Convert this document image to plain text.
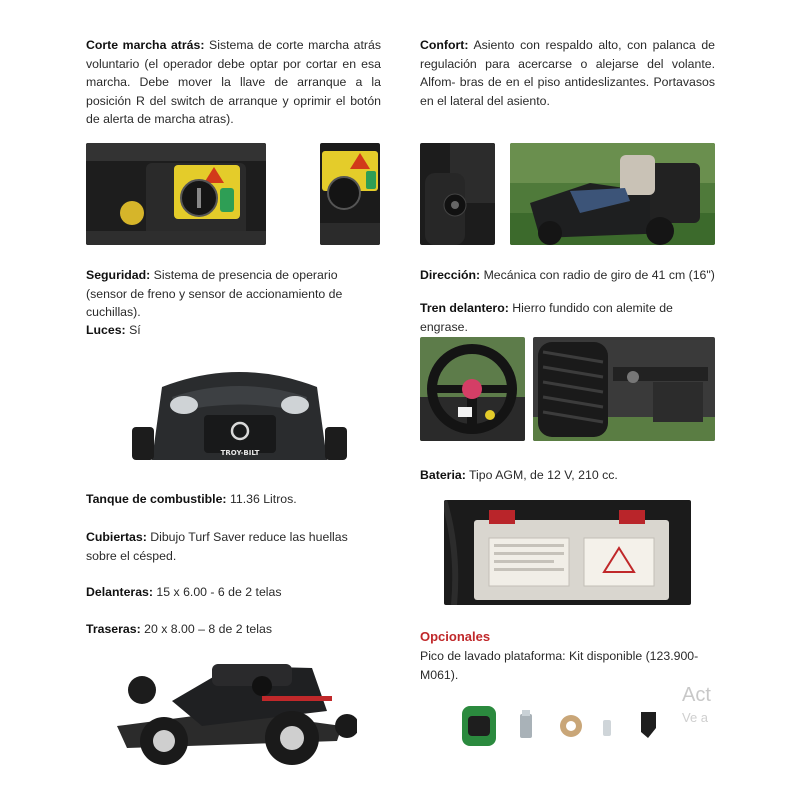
Corte marcha atrás: Sistema de corte marcha atrás voluntario (el operador debe optar por cortar en esa marcha. Debe mover la llave de arranque a la posición R del switch de arranque y oprimir el botón de alerta de marcha atras).
Seguridad: Sistema de presencia de operario (sensor de freno y sensor de accionamiento de cuchillas).
Luces: Sí
TROY-BILT
Tanque de combustible: 11.36 Litros.
Cubiertas: Dibujo Turf Saver reduce las huellas sobre el césped.
Delanteras: 15 x 6.00 - 6 de 2 telas
Traseras: 20 x 8.00 – 8 de 2 telas
Confort: Asiento con respaldo alto, con palanca de regulación para acercarse o alejarse del volante. Alfom- bras de en el piso antideslizantes. Portavasos en el lateral del asiento.
Dirección: Mecánica con radio de giro de 41 cm (16")
Tren delantero: Hierro fundido con alemite de engrase.
Bateria: Tipo AGM, de 12 V, 210 cc.
Opcionales
Pico de lavado plataforma: Kit disponible (123.900-M061).
Act
Ve a
